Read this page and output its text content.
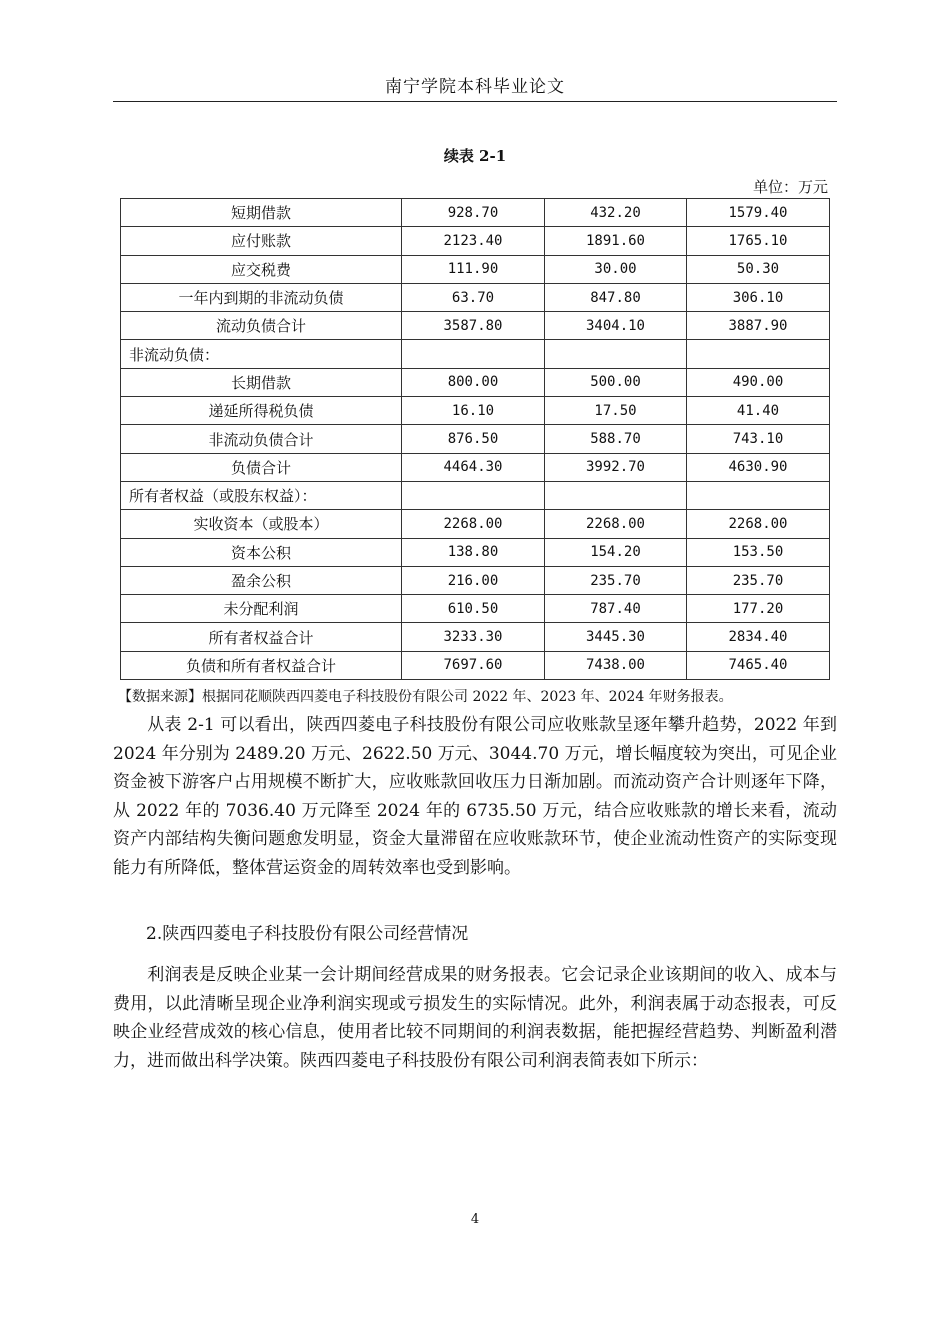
南宁学院本科毕业论文
续表 2-1
单位：万元
短期借款	928.70	432.20	1579.40
应付账款	2123.40	1891.60	1765.10
应交税费	111.90	30.00	50.30
一年内到期的非流动负债	63.70	847.80	306.10
流动负债合计	3587.80	3404.10	3887.90
非流动负债：			
长期借款	800.00	500.00	490.00
递延所得税负债	16.10	17.50	41.40
非流动负债合计	876.50	588.70	743.10
负债合计	4464.30	3992.70	4630.90
所有者权益（或股东权益）：			
实收资本（或股本）	2268.00	2268.00	2268.00
资本公积	138.80	154.20	153.50
盈余公积	216.00	235.70	235.70
未分配利润	610.50	787.40	177.20
所有者权益合计	3233.30	3445.30	2834.40
负债和所有者权益合计	7697.60	7438.00	7465.40
【数据来源】根据同花顺陕西四菱电子科技股份有限公司 2022 年、2023 年、2024 年财务报表。
从表 2-1 可以看出，陕西四菱电子科技股份有限公司应收账款呈逐年攀升趋势，2022 年到 2024 年分别为 2489.20 万元、2622.50 万元、3044.70 万元，增长幅度较为突出，可见企业资金被下游客户占用规模不断扩大，应收账款回收压力日渐加剧。而流动资产合计则逐年下降，从 2022 年的 7036.40 万元降至 2024 年的 6735.50 万元，结合应收账款的增长来看，流动资产内部结构失衡问题愈发明显，资金大量滞留在应收账款环节，使企业流动性资产的实际变现能力有所降低，整体营运资金的周转效率也受到影响。
2.陕西四菱电子科技股份有限公司经营情况
利润表是反映企业某一会计期间经营成果的财务报表。它会记录企业该期间的收入、成本与费用，以此清晰呈现企业净利润实现或亏损发生的实际情况。此外，利润表属于动态报表，可反映企业经营成效的核心信息，使用者比较不同期间的利润表数据，能把握经营趋势、判断盈利潜力，进而做出科学决策。陕西四菱电子科技股份有限公司利润表简表如下所示：
4
